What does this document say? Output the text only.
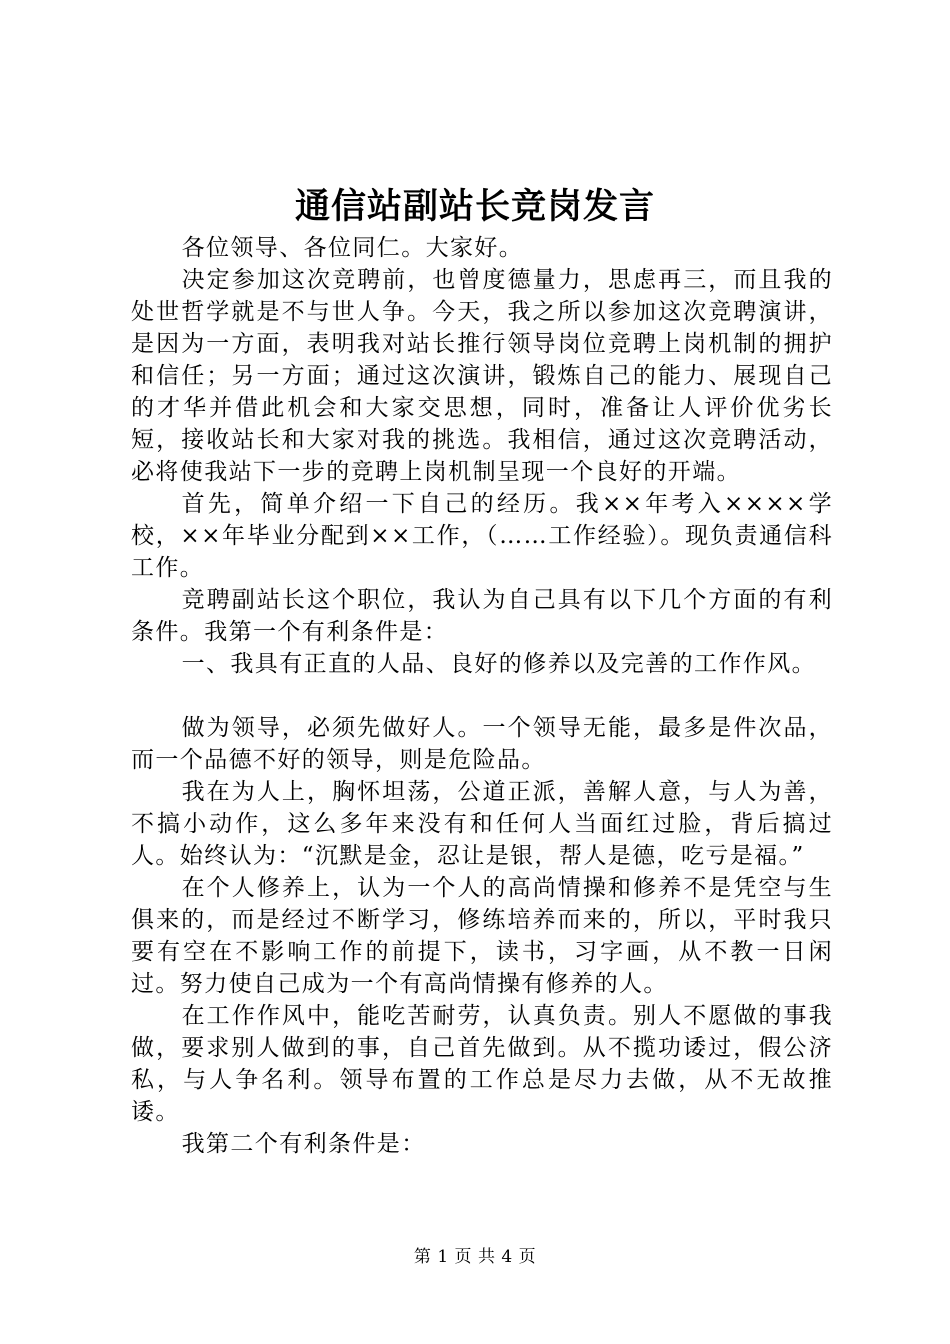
通信站副站长竞岗发言

各位领导、各位同仁。大家好。

决定参加这次竞聘前，也曾度德量力，思虑再三，而且我的处世哲学就是不与世人争。今天，我之所以参加这次竞聘演讲，是因为一方面，表明我对站长推行领导岗位竞聘上岗机制的拥护和信任；另一方面；通过这次演讲，锻炼自己的能力、展现自己的才华并借此机会和大家交思想，同时，准备让人评价优劣长短，接收站长和大家对我的挑选。我相信，通过这次竞聘活动，必将使我站下一步的竞聘上岗机制呈现一个良好的开端。

首先，简单介绍一下自己的经历。我××年考入××××学校，××年毕业分配到××工作，（……工作经验）。现负责通信科工作。

竞聘副站长这个职位，我认为自己具有以下几个方面的有利条件。我第一个有利条件是：

一、我具有正直的人品、良好的修养以及完善的工作作风。

做为领导，必须先做好人。一个领导无能，最多是件次品，而一个品德不好的领导，则是危险品。

我在为人上，胸怀坦荡，公道正派，善解人意，与人为善，不搞小动作，这么多年来没有和任何人当面红过脸，背后搞过人。始终认为：“沉默是金，忍让是银，帮人是德，吃亏是福。”

在个人修养上，认为一个人的高尚情操和修养不是凭空与生俱来的，而是经过不断学习，修练培养而来的，所以，平时我只要有空在不影响工作的前提下，读书，习字画，从不教一日闲过。努力使自己成为一个有高尚情操有修养的人。

在工作作风中，能吃苦耐劳，认真负责。别人不愿做的事我做，要求别人做到的事，自己首先做到。从不揽功诿过，假公济私，与人争名利。领导布置的工作总是尽力去做，从不无故推诿。

我第二个有利条件是：

第 1 页 共 4 页
